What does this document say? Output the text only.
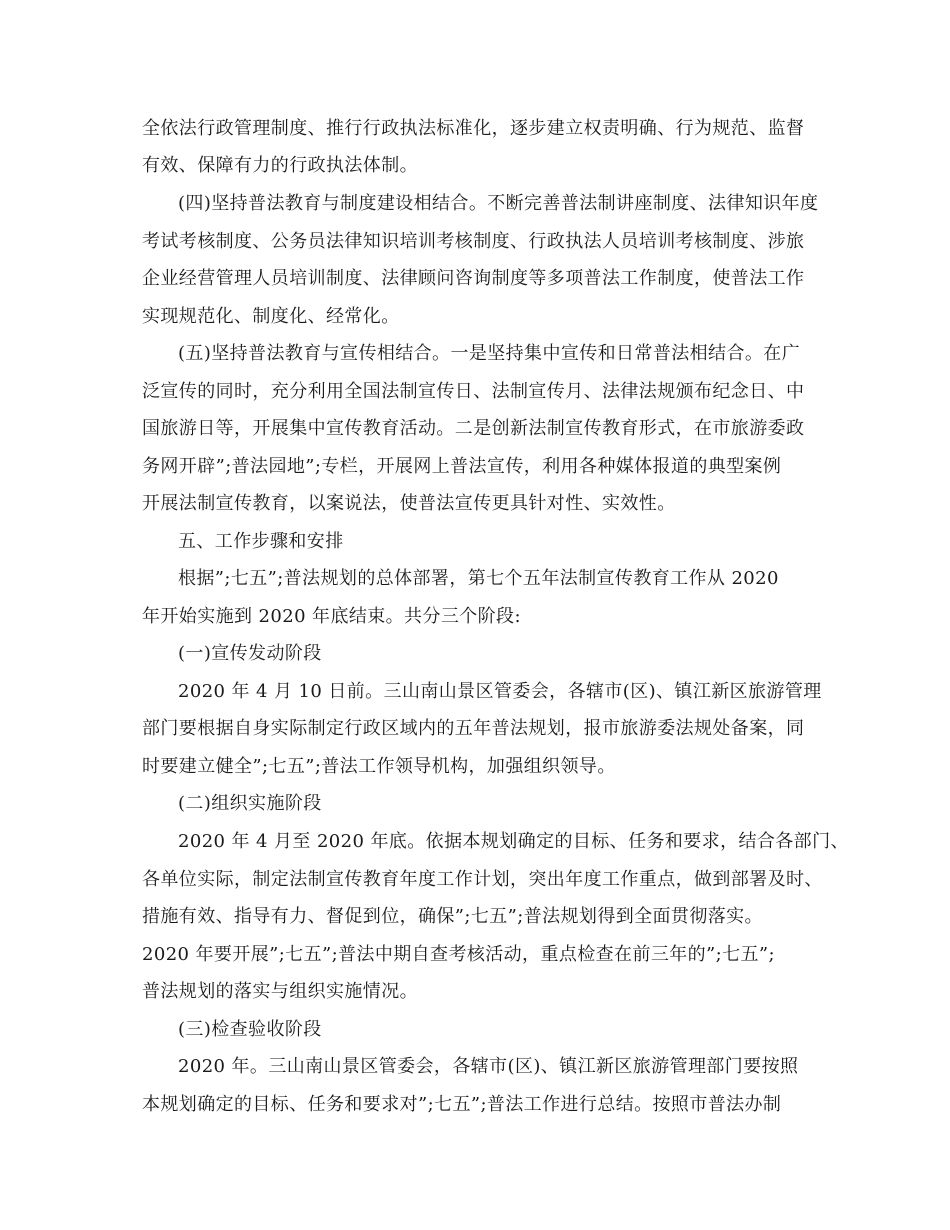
全依法行政管理制度、推行行政执法标准化，逐步建立权责明确、行为规范、监督
有效、保障有力的行政执法体制。
(四)坚持普法教育与制度建设相结合。不断完善普法制讲座制度、法律知识年度
考试考核制度、公务员法律知识培训考核制度、行政执法人员培训考核制度、涉旅
企业经营管理人员培训制度、法律顾问咨询制度等多项普法工作制度，使普法工作
实现规范化、制度化、经常化。
(五)坚持普法教育与宣传相结合。一是坚持集中宣传和日常普法相结合。在广
泛宣传的同时，充分利用全国法制宣传日、法制宣传月、法律法规颁布纪念日、中
国旅游日等，开展集中宣传教育活动。二是创新法制宣传教育形式，在市旅游委政
务网开辟”;普法园地”;专栏，开展网上普法宣传，利用各种媒体报道的典型案例
开展法制宣传教育，以案说法，使普法宣传更具针对性、实效性。
五、工作步骤和安排
根据”;七五”;普法规划的总体部署，第七个五年法制宣传教育工作从 2020
年开始实施到 2020 年底结束。共分三个阶段:
(一)宣传发动阶段
2020 年 4 月 10 日前。三山南山景区管委会，各辖市(区)、镇江新区旅游管理
部门要根据自身实际制定行政区域内的五年普法规划，报市旅游委法规处备案，同
时要建立健全”;七五”;普法工作领导机构，加强组织领导。
(二)组织实施阶段
2020 年 4 月至 2020 年底。依据本规划确定的目标、任务和要求，结合各部门、
各单位实际，制定法制宣传教育年度工作计划，突出年度工作重点，做到部署及时、
措施有效、指导有力、督促到位，确保”;七五”;普法规划得到全面贯彻落实。
2020 年要开展”;七五”;普法中期自查考核活动，重点检查在前三年的”;七五”;
普法规划的落实与组织实施情况。
(三)检查验收阶段
2020 年。三山南山景区管委会，各辖市(区)、镇江新区旅游管理部门要按照
本规划确定的目标、任务和要求对”;七五”;普法工作进行总结。按照市普法办制
